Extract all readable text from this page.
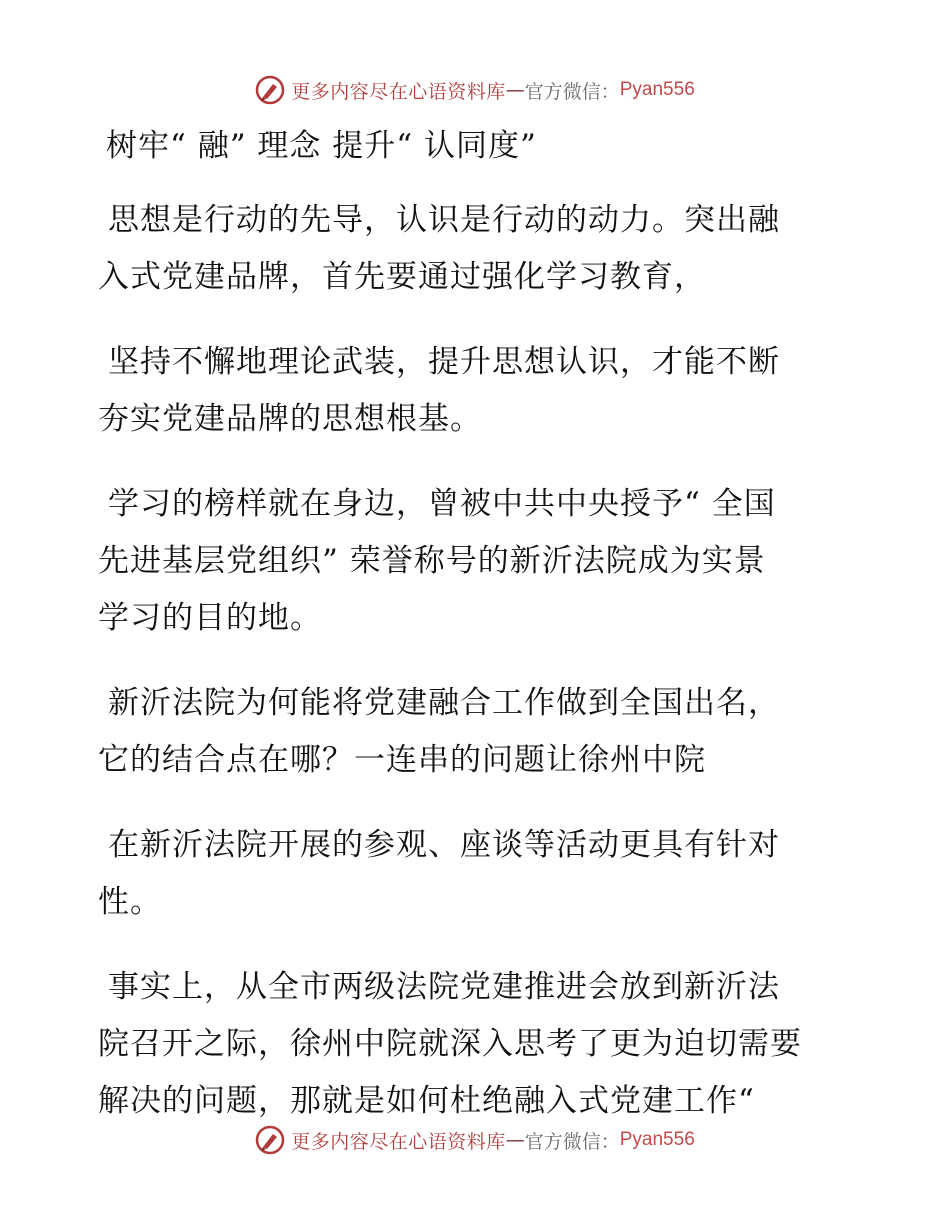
更多内容尽在心语资料库 — 官方微信： Pyan556
树牢“ 融” 理念 提升“ 认同度”
思想是行动的先导，认识是行动的动力。突出融
入式党建品牌，首先要通过强化学习教育，
坚持不懈地理论武装，提升思想认识，才能不断
夯实党建品牌的思想根基。
学习的榜样就在身边，曾被中共中央授予“ 全国
先进基层党组织” 荣誉称号的新沂法院成为实景
学习的目的地。
新沂法院为何能将党建融合工作做到全国出名，
它的结合点在哪？一连串的问题让徐州中院
在新沂法院开展的参观、座谈等活动更具有针对
性。
事实上，从全市两级法院党建推进会放到新沂法
院召开之际，徐州中院就深入思考了更为迫切需要
解决的问题，那就是如何杜绝融入式党建工作“
更多内容尽在心语资料库 — 官方微信： Pyan556
